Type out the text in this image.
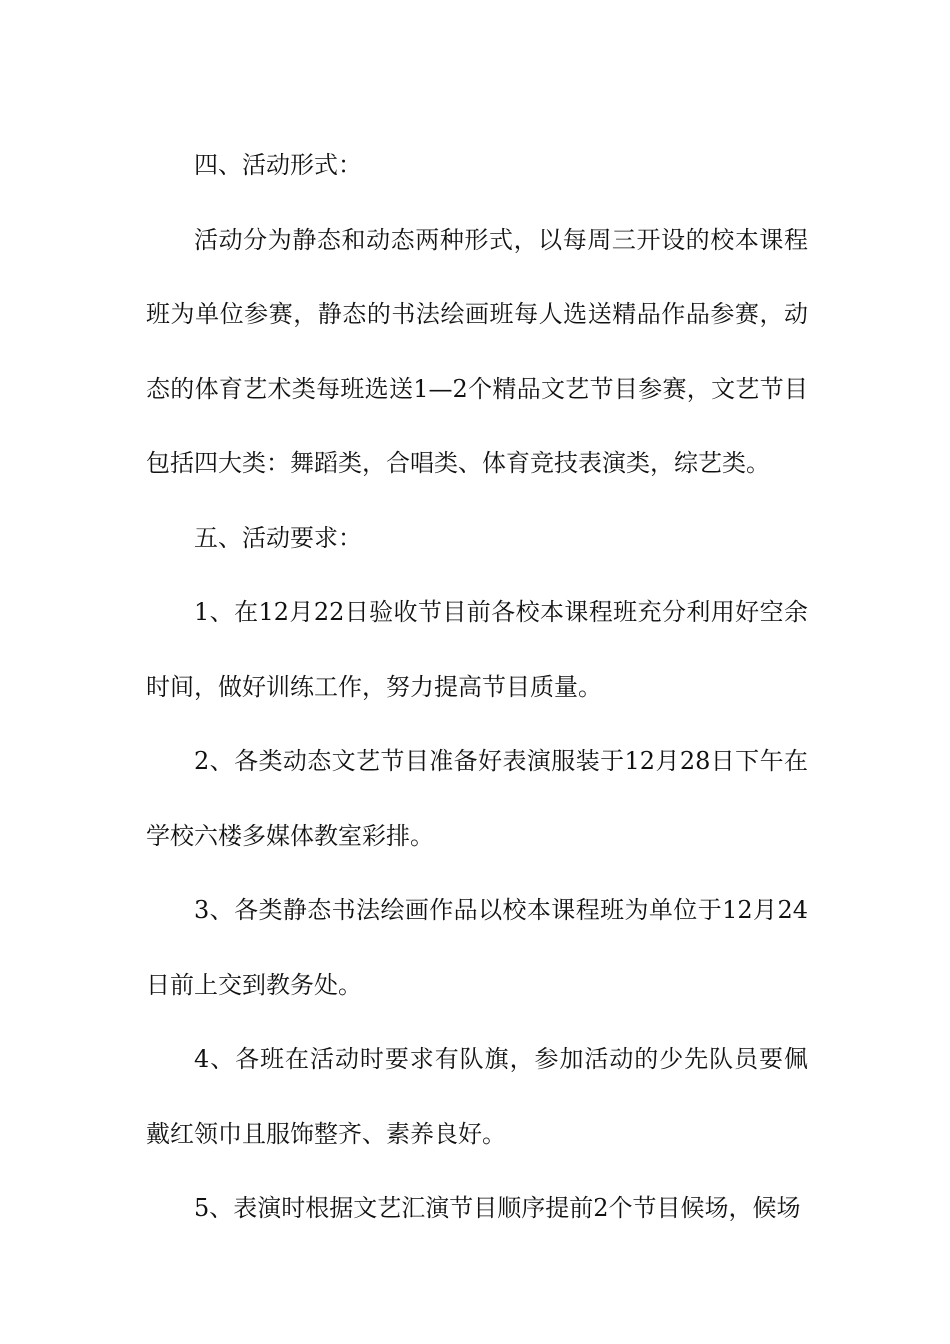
四、活动形式：

活动分为静态和动态两种形式，以每周三开设的校本课程班为单位参赛，静态的书法绘画班每人选送精品作品参赛，动态的体育艺术类每班选送1—2个精品文艺节目参赛，文艺节目包括四大类：舞蹈类，合唱类、体育竞技表演类，综艺类。

五、活动要求：

1、在12月22日验收节目前各校本课程班充分利用好空余时间，做好训练工作，努力提高节目质量。

2、各类动态文艺节目准备好表演服装于12月28日下午在学校六楼多媒体教室彩排。

3、各类静态书法绘画作品以校本课程班为单位于12月24日前上交到教务处。

4、各班在活动时要求有队旗，参加活动的少先队员要佩戴红领巾且服饰整齐、素养良好。

5、表演时根据文艺汇演节目顺序提前2个节目候场，候场
